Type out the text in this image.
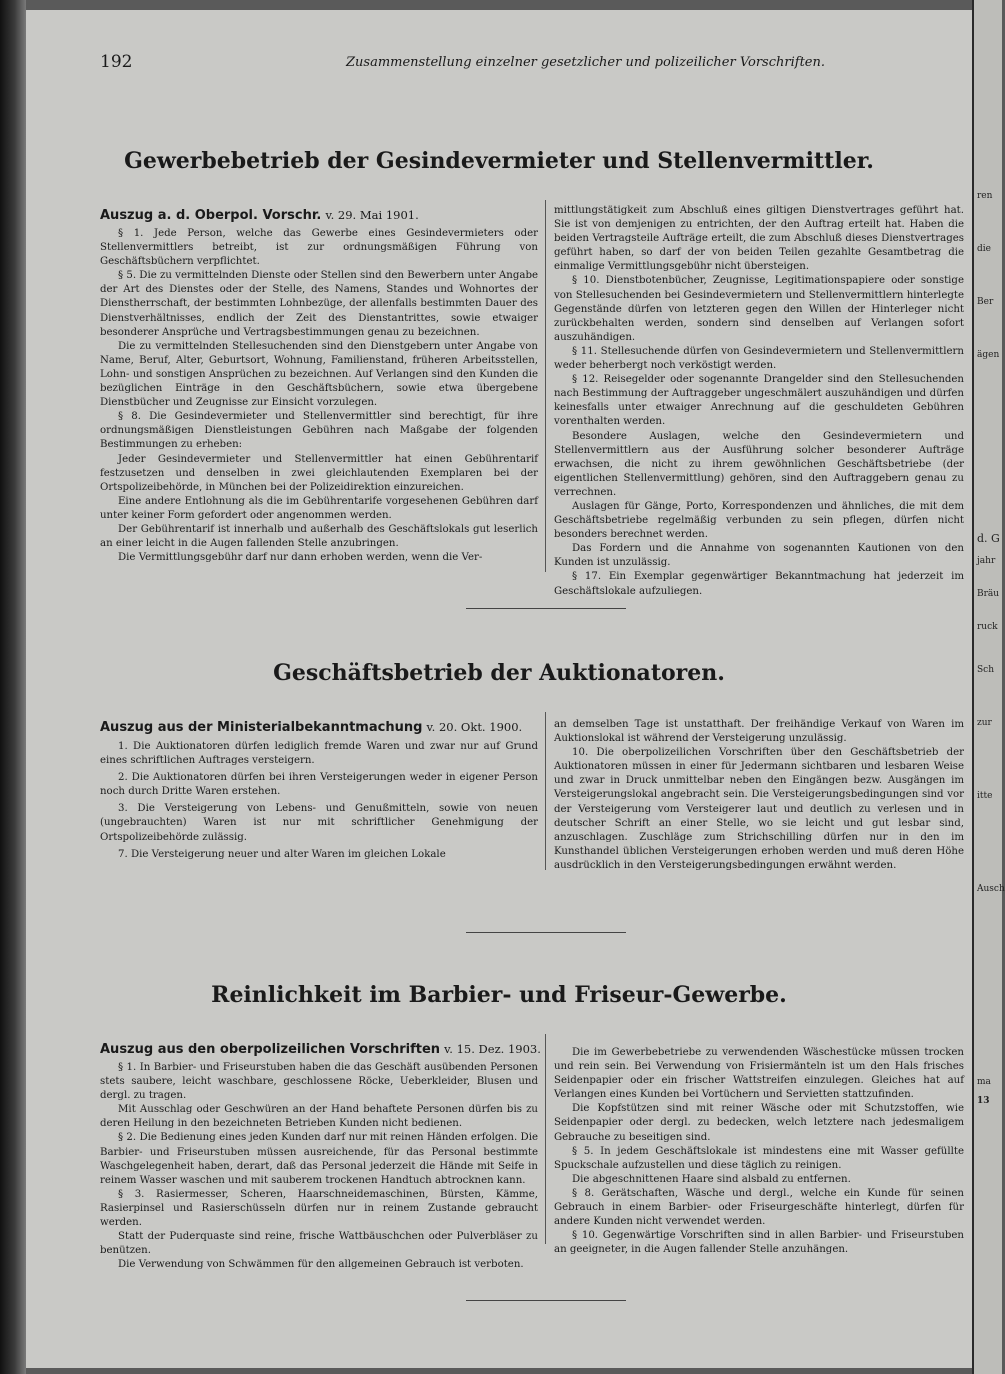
192	Zusammenstellung einzelner gesetzlicher und polizeilicher Vorschriften.
Gewerbebetrieb der Gesindevermieter und Stellenvermittler.

Auszug a. d. Oberpol. Vorschr. v. 29. Mai 1901.

§ 1. Jede Person, welche das Gewerbe eines Gesindevermieters oder Stellenvermittlers betreibt, ist zur ordnungsmäßigen Führung von Geschäftsbüchern verpflichtet.

§ 5. Die zu vermittelnden Dienste oder Stellen sind den Bewerbern unter Angabe der Art des Dienstes oder der Stelle, des Namens, Standes und Wohnortes der Dienstherrschaft, der bestimmten Lohnbezüge, der allenfalls bestimmten Dauer des Dienstverhältnisses, endlich der Zeit des Dienstantrittes, sowie etwaiger besonderer Ansprüche und Vertragsbestimmungen genau zu bezeichnen.

Die zu vermittelnden Stellesuchenden sind den Dienstgebern unter Angabe von Name, Beruf, Alter, Geburtsort, Wohnung, Familienstand, früheren Arbeitsstellen, Lohn- und sonstigen Ansprüchen zu bezeichnen. Auf Verlangen sind den Kunden die bezüglichen Einträge in den Geschäftsbüchern, sowie etwa übergebene Dienstbücher und Zeugnisse zur Einsicht vorzulegen.

§ 8. Die Gesindevermieter und Stellenvermittler sind berechtigt, für ihre ordnungsmäßigen Dienstleistungen Gebühren nach Maßgabe der folgenden Bestimmungen zu erheben:

Jeder Gesindevermieter und Stellenvermittler hat einen Gebührentarif festzusetzen und denselben in zwei gleichlautenden Exemplaren bei der Ortspolizeibehörde, in München bei der Polizeidirektion einzureichen.

Eine andere Entlohnung als die im Gebührentarife vorgesehenen Gebühren darf unter keiner Form gefordert oder angenommen werden.

Der Gebührentarif ist innerhalb und außerhalb des Geschäftslokals gut leserlich an einer leicht in die Augen fallenden Stelle anzubringen.

Die Vermittlungsgebühr darf nur dann erhoben werden, wenn die Ver-

mittlungstätigkeit zum Abschluß eines giltigen Dienstvertrages geführt hat. Sie ist von demjenigen zu entrichten, der den Auftrag erteilt hat. Haben die beiden Vertragsteile Aufträge erteilt, die zum Abschluß dieses Dienstvertrages geführt haben, so darf der von beiden Teilen gezahlte Gesamtbetrag die einmalige Vermittlungsgebühr nicht übersteigen.

§ 10. Dienstbotenbücher, Zeugnisse, Legitimationspapiere oder sonstige von Stellesuchenden bei Gesindevermietern und Stellenvermittlern hinterlegte Gegenstände dürfen von letzteren gegen den Willen der Hinterleger nicht zurückbehalten werden, sondern sind denselben auf Verlangen sofort auszuhändigen.

§ 11. Stellesuchende dürfen von Gesindevermietern und Stellenvermittlern weder beherbergt noch verköstigt werden.

§ 12. Reisegelder oder sogenannte Drangelder sind den Stellesuchenden nach Bestimmung der Auftraggeber ungeschmälert auszuhändigen und dürfen keinesfalls unter etwaiger Anrechnung auf die geschuldeten Gebühren vorenthalten werden.

Besondere Auslagen, welche den Gesindevermietern und Stellenvermittlern aus der Ausführung solcher besonderer Aufträge erwachsen, die nicht zu ihrem gewöhnlichen Geschäftsbetriebe (der eigentlichen Stellenvermittlung) gehören, sind den Auftraggebern genau zu verrechnen.

Auslagen für Gänge, Porto, Korrespondenzen und ähnliches, die mit dem Geschäftsbetriebe regelmäßig verbunden zu sein pflegen, dürfen nicht besonders berechnet werden.

Das Fordern und die Annahme von sogenannten Kautionen von den Kunden ist unzulässig.

§ 17. Ein Exemplar gegenwärtiger Bekanntmachung hat jederzeit im Geschäftslokale aufzuliegen.

Geschäftsbetrieb der Auktionatoren.

Auszug aus der Ministerialbekanntmachung v. 20. Okt. 1900.

1. Die Auktionatoren dürfen lediglich fremde Waren und zwar nur auf Grund eines schriftlichen Auftrages versteigern.

2. Die Auktionatoren dürfen bei ihren Versteigerungen weder in eigener Person noch durch Dritte Waren erstehen.

3. Die Versteigerung von Lebens- und Genußmitteln, sowie von neuen (ungebrauchten) Waren ist nur mit schriftlicher Genehmigung der Ortspolizeibehörde zulässig.

7. Die Versteigerung neuer und alter Waren im gleichen Lokale

an demselben Tage ist unstatthaft. Der freihändige Verkauf von Waren im Auktionslokal ist während der Versteigerung unzulässig.

10. Die oberpolizeilichen Vorschriften über den Geschäftsbetrieb der Auktionatoren müssen in einer für Jedermann sichtbaren und lesbaren Weise und zwar in Druck unmittelbar neben den Eingängen bezw. Ausgängen im Versteigerungslokal angebracht sein. Die Versteigerungsbedingungen sind vor der Versteigerung vom Versteigerer laut und deutlich zu verlesen und in deutscher Schrift an einer Stelle, wo sie leicht und gut lesbar sind, anzuschlagen. Zuschläge zum Strichschilling dürfen nur in den im Kunsthandel üblichen Versteigerungen erhoben werden und muß deren Höhe ausdrücklich in den Versteigerungsbedingungen erwähnt werden.

Reinlichkeit im Barbier- und Friseur-Gewerbe.

Auszug aus den oberpolizeilichen Vorschriften v. 15. Dez. 1903.

§ 1. In Barbier- und Friseurstuben haben die das Geschäft ausübenden Personen stets saubere, leicht waschbare, geschlossene Röcke, Ueberkleider, Blusen und dergl. zu tragen.

Mit Ausschlag oder Geschwüren an der Hand behaftete Personen dürfen bis zu deren Heilung in den bezeichneten Betrieben Kunden nicht bedienen.

§ 2. Die Bedienung eines jeden Kunden darf nur mit reinen Händen erfolgen. Die Barbier- und Friseurstuben müssen ausreichende, für das Personal bestimmte Waschgelegenheit haben, derart, daß das Personal jederzeit die Hände mit Seife in reinem Wasser waschen und mit sauberem trockenen Handtuch abtrocknen kann.

§ 3. Rasiermesser, Scheren, Haarschneidemaschinen, Bürsten, Kämme, Rasierpinsel und Rasierschüsseln dürfen nur in reinem Zustande gebraucht werden.

Statt der Puderquaste sind reine, frische Wattbäuschchen oder Pulverbläser zu benützen.

Die Verwendung von Schwämmen für den allgemeinen Gebrauch ist verboten.

Die im Gewerbebetriebe zu verwendenden Wäschestücke müssen trocken und rein sein. Bei Verwendung von Frisiermänteln ist um den Hals frisches Seidenpapier oder ein frischer Wattstreifen einzulegen. Gleiches hat auf Verlangen eines Kunden bei Vortüchern und Servietten stattzufinden.

Die Kopfstützen sind mit reiner Wäsche oder mit Schutzstoffen, wie Seidenpapier oder dergl. zu bedecken, welch letztere nach jedesmaligem Gebrauche zu beseitigen sind.

§ 5. In jedem Geschäftslokale ist mindestens eine mit Wasser gefüllte Spuckschale aufzustellen und diese täglich zu reinigen.

Die abgeschnittenen Haare sind alsbald zu entfernen.

§ 8. Gerätschaften, Wäsche und dergl., welche ein Kunde für seinen Gebrauch in einem Barbier- oder Friseurgeschäfte hinterlegt, dürfen für andere Kunden nicht verwendet werden.

§ 10. Gegenwärtige Vorschriften sind in allen Barbier- und Friseurstuben an geeigneter, in die Augen fallender Stelle anzuhängen.

ren
die
Ber
ägen
d. G
jahr
Bräu
ruck
Sch
zur
itte
Ausch
ma
13
